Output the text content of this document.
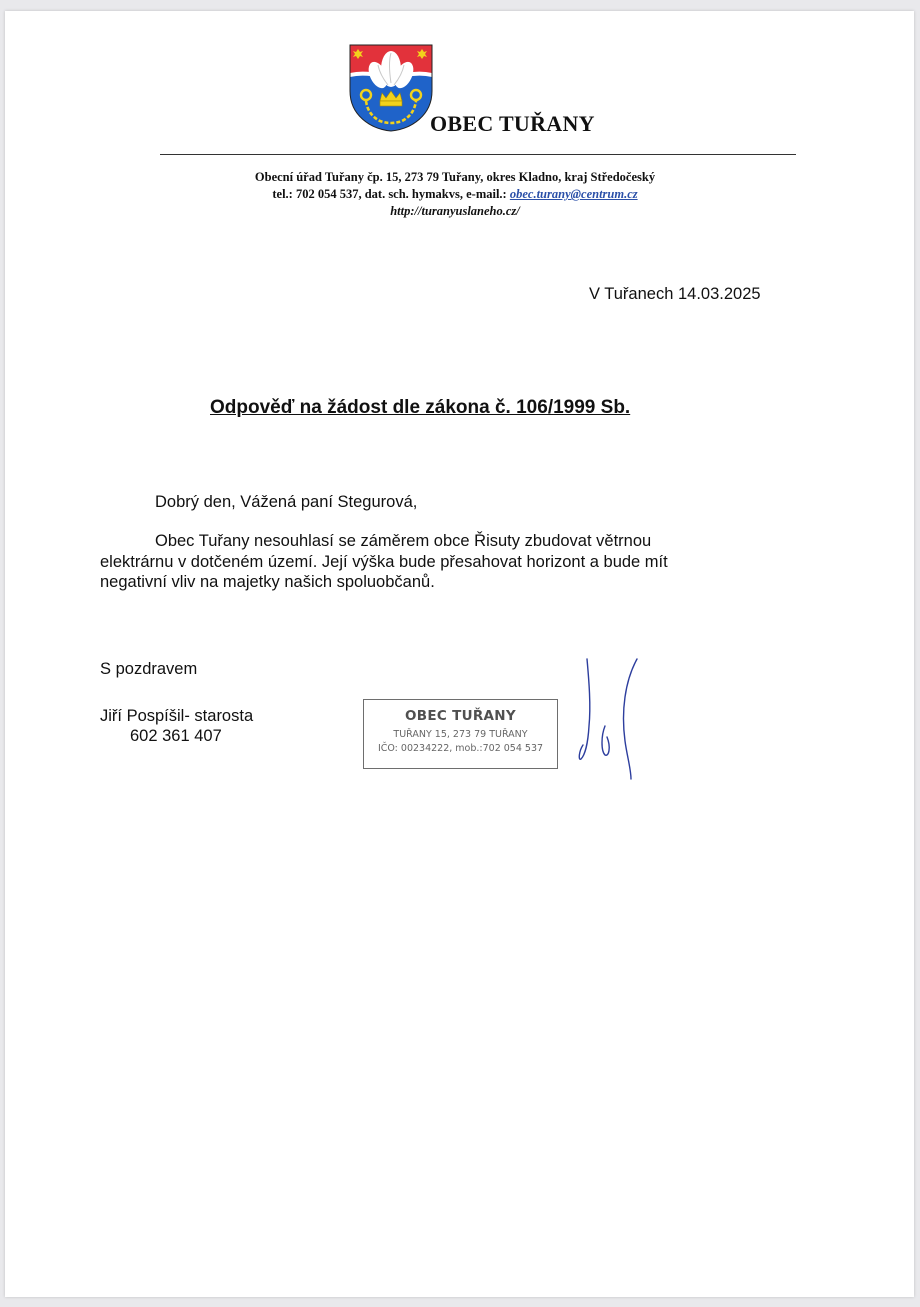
OBEC TUŘANY
Obecní úřad Tuřany čp. 15, 273 79 Tuřany, okres Kladno, kraj Středočeský
tel.: 702 054 537, dat. sch. hymakvs, e-mail.: obec.turany@centrum.cz
http://turanyuslaneho.cz/
V Tuřanech 14.03.2025
Odpověď na žádost dle zákona č. 106/1999 Sb.
Dobrý den, Vážená paní Stegurová,
Obec Tuřany nesouhlasí se záměrem obce Řisuty zbudovat větrnou
elektrárnu v dotčeném území. Její výška bude přesahovat horizont a bude mít
negativní vliv na majetky našich spoluobčanů.
S pozdravem
Jiří Pospíšil- starosta
602 361 407
OBEC TUŘANY
TUŘANY 15, 273 79 TUŘANY
IČO: 00234222, mob.:702 054 537
